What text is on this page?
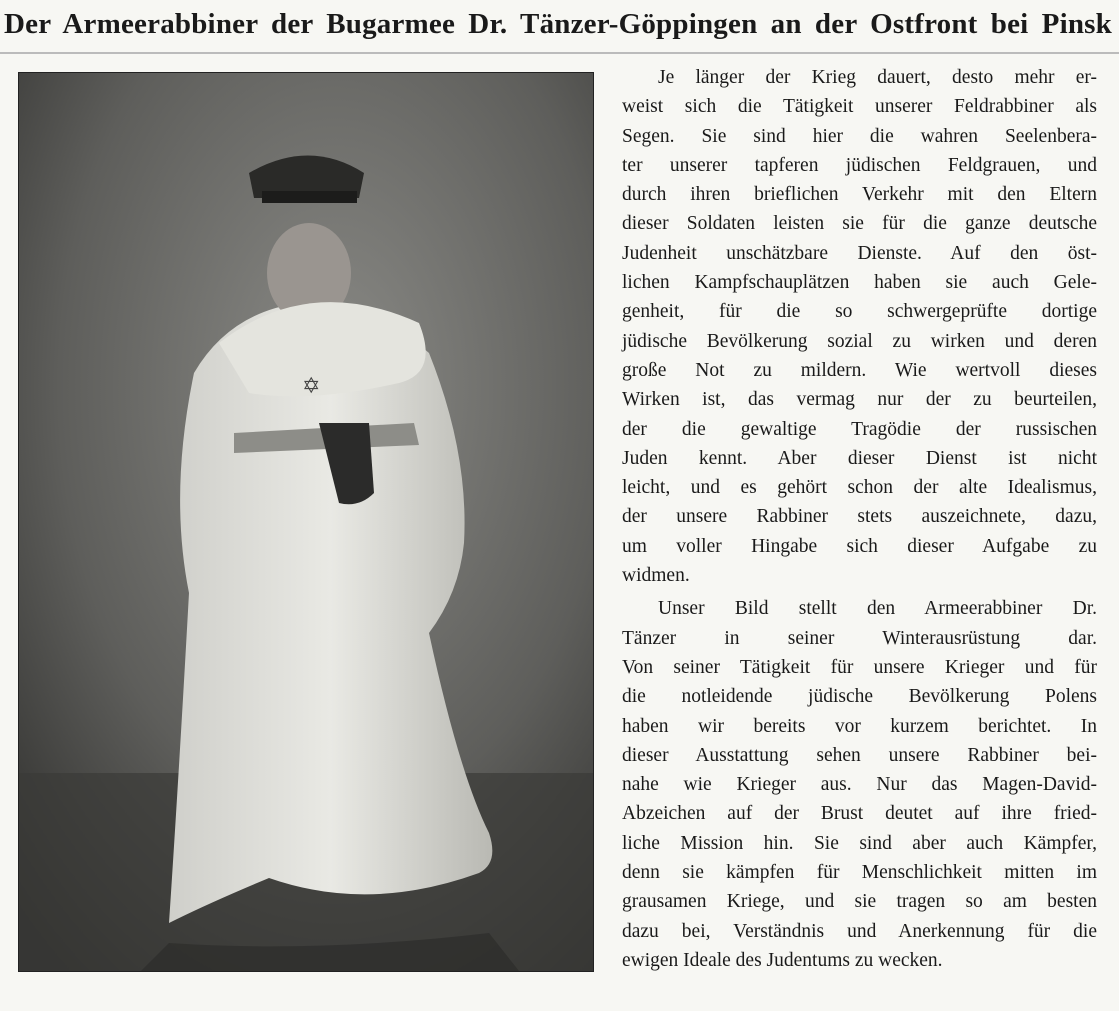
Der Armeerabbiner der Bugarmee Dr. Tänzer-Göppingen an der Ostfront bei Pinsk
✡
Je länger der Krieg dauert, desto mehr er-
weist sich die Tätigkeit unserer Feldrabbiner als
Segen. Sie sind hier die wahren Seelenbera-
ter unserer tapferen jüdischen Feldgrauen, und
durch ihren brieflichen Verkehr mit den Eltern
dieser Soldaten leisten sie für die ganze deutsche
Judenheit unschätzbare Dienste. Auf den öst-
lichen Kampfschauplätzen haben sie auch Gele-
genheit, für die so schwergeprüfte dortige
jüdische Bevölkerung sozial zu wirken und deren
große Not zu mildern. Wie wertvoll dieses
Wirken ist, das vermag nur der zu beurteilen,
der die gewaltige Tragödie der russischen
Juden kennt. Aber dieser Dienst ist nicht
leicht, und es gehört schon der alte Idealismus,
der unsere Rabbiner stets auszeichnete, dazu,
um voller Hingabe sich dieser Aufgabe zu
widmen.
Unser Bild stellt den Armeerabbiner Dr.
Tänzer in seiner Winterausrüstung dar.
Von seiner Tätigkeit für unsere Krieger und für
die notleidende jüdische Bevölkerung Polens
haben wir bereits vor kurzem berichtet. In
dieser Ausstattung sehen unsere Rabbiner bei-
nahe wie Krieger aus. Nur das Magen-David-
Abzeichen auf der Brust deutet auf ihre fried-
liche Mission hin. Sie sind aber auch Kämpfer,
denn sie kämpfen für Menschlichkeit mitten im
grausamen Kriege, und sie tragen so am besten
dazu bei, Verständnis und Anerkennung für die
ewigen Ideale des Judentums zu wecken.
